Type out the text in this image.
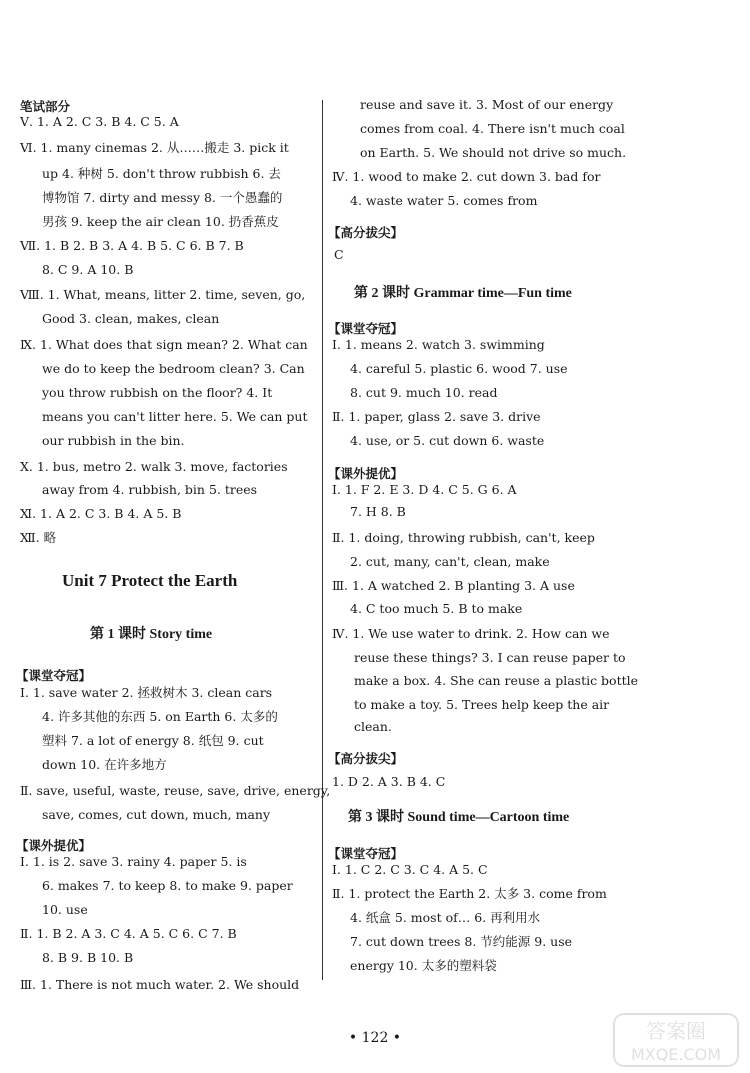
笔试部分
Ⅴ. 1. A 2. C 3. B 4. C 5. A
Ⅵ. 1. many cinemas 2. 从……搬走 3. pick it
up 4. 种树 5. don't throw rubbish 6. 去
博物馆 7. dirty and messy 8. 一个愚蠢的
男孩 9. keep the air clean 10. 扔香蕉皮
Ⅶ. 1. B 2. B 3. A 4. B 5. C 6. B 7. B
8. C 9. A 10. B
Ⅷ. 1. What, means, litter 2. time, seven, go,
Good 3. clean, makes, clean
Ⅸ. 1. What does that sign mean? 2. What can
we do to keep the bedroom clean? 3. Can
you throw rubbish on the floor? 4. It
means you can't litter here. 5. We can put
our rubbish in the bin.
Ⅹ. 1. bus, metro 2. walk 3. move, factories
away from 4. rubbish, bin 5. trees
Ⅺ. 1. A 2. C 3. B 4. A 5. B
Ⅻ. 略
Unit 7 Protect the Earth
第 1 课时 Story time
【课堂夺冠】
Ⅰ. 1. save water 2. 拯救树木 3. clean cars
4. 许多其他的东西 5. on Earth 6. 太多的
塑料 7. a lot of energy 8. 纸包 9. cut
down 10. 在许多地方
Ⅱ. save, useful, waste, reuse, save, drive, energy,
save, comes, cut down, much, many
【课外提优】
Ⅰ. 1. is 2. save 3. rainy 4. paper 5. is
6. makes 7. to keep 8. to make 9. paper
10. use
Ⅱ. 1. B 2. A 3. C 4. A 5. C 6. C 7. B
8. B 9. B 10. B
Ⅲ. 1. There is not much water. 2. We should
reuse and save it. 3. Most of our energy
comes from coal. 4. There isn't much coal
on Earth. 5. We should not drive so much.
Ⅳ. 1. wood to make 2. cut down 3. bad for
4. waste water 5. comes from
【高分拔尖】
C
第 2 课时 Grammar time—Fun time
【课堂夺冠】
Ⅰ. 1. means 2. watch 3. swimming
4. careful 5. plastic 6. wood 7. use
8. cut 9. much 10. read
Ⅱ. 1. paper, glass 2. save 3. drive
4. use, or 5. cut down 6. waste
【课外提优】
Ⅰ. 1. F 2. E 3. D 4. C 5. G 6. A
7. H 8. B
Ⅱ. 1. doing, throwing rubbish, can't, keep
2. cut, many, can't, clean, make
Ⅲ. 1. A watched 2. B planting 3. A use
4. C too much 5. B to make
Ⅳ. 1. We use water to drink. 2. How can we
reuse these things? 3. I can reuse paper to
make a box. 4. She can reuse a plastic bottle
to make a toy. 5. Trees help keep the air
clean.
【高分拔尖】
1. D 2. A 3. B 4. C
第 3 课时 Sound time—Cartoon time
【课堂夺冠】
Ⅰ. 1. C 2. C 3. C 4. A 5. C
Ⅱ. 1. protect the Earth 2. 太多 3. come from
4. 纸盒 5. most of… 6. 再利用水
7. cut down trees 8. 节约能源 9. use
energy 10. 太多的塑料袋
• 122 •	答案圈
MXQE.COM
